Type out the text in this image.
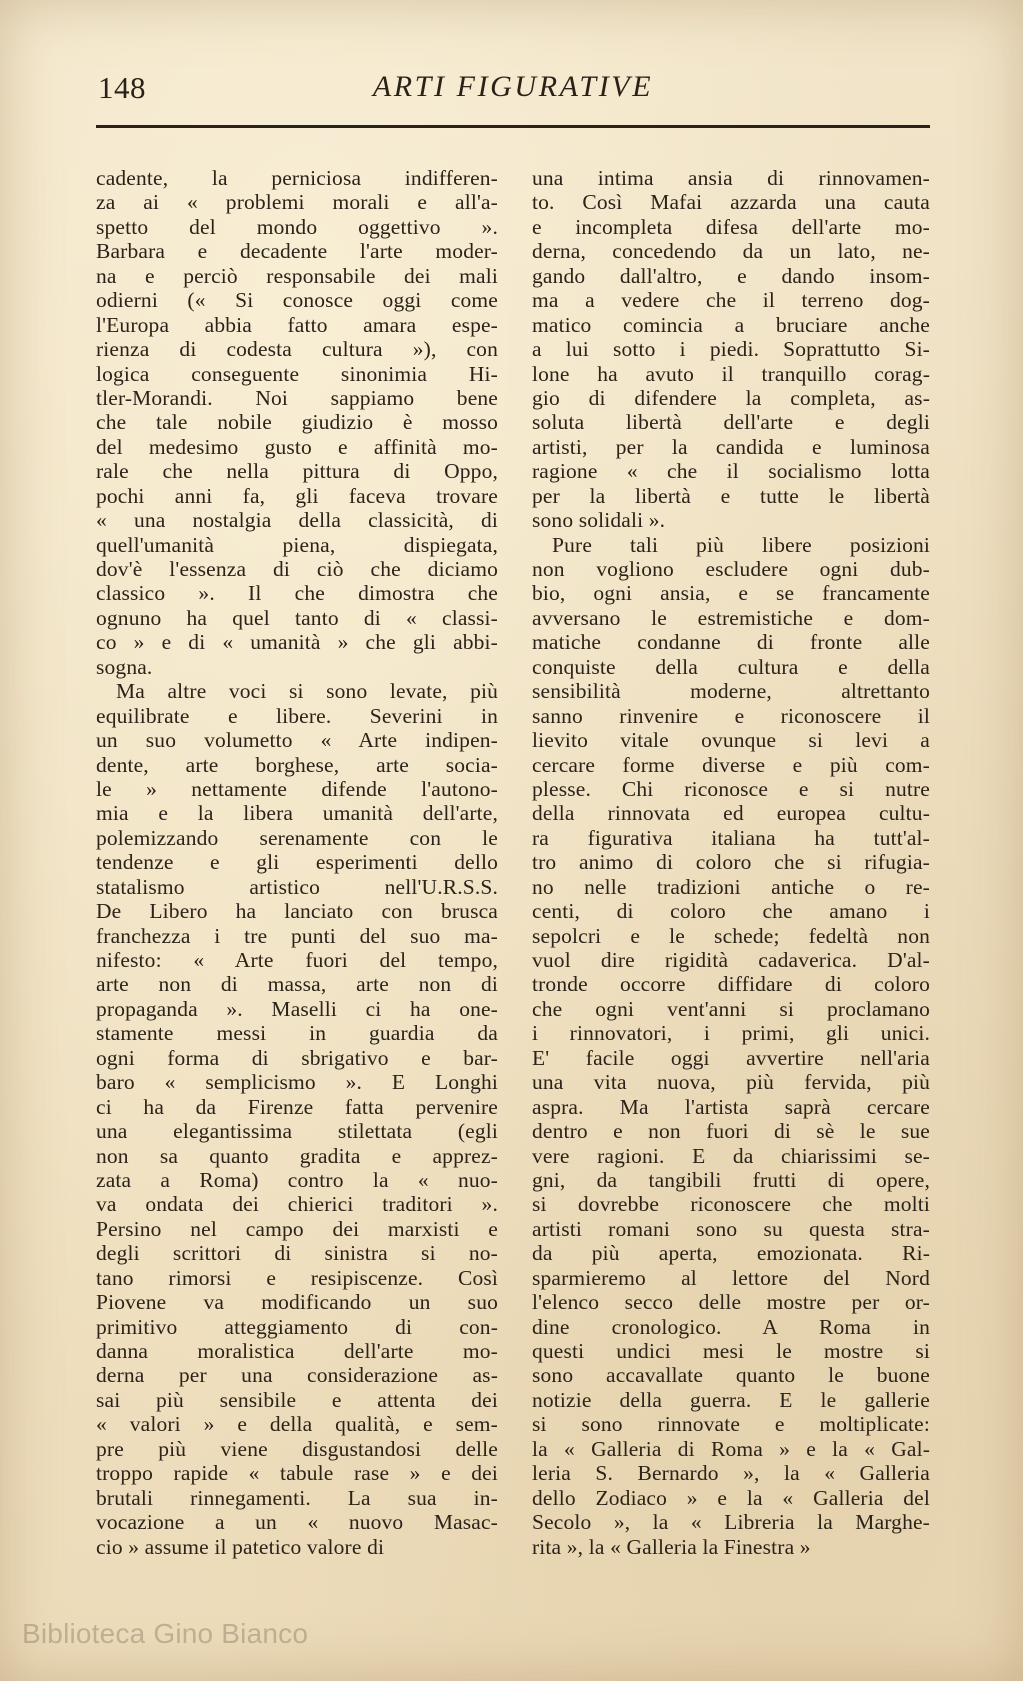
148	ARTI FIGURATIVE
cadente, la perniciosa indifferen-
za ai « problemi morali e all'a-
spetto del mondo oggettivo ».
Barbara e decadente l'arte moder-
na e perciò responsabile dei mali
odierni (« Si conosce oggi come
l'Europa abbia fatto amara espe-
rienza di codesta cultura »), con
logica conseguente sinonimia Hi-
tler-Morandi. Noi sappiamo bene
che tale nobile giudizio è mosso
del medesimo gusto e affinità mo-
rale che nella pittura di Oppo,
pochi anni fa, gli faceva trovare
« una nostalgia della classicità, di
quell'umanità piena, dispiegata,
dov'è l'essenza di ciò che diciamo
classico ». Il che dimostra che
ognuno ha quel tanto di « classi-
co » e di « umanità » che gli abbi-
sogna.
Ma altre voci si sono levate, più
equilibrate e libere. Severini in
un suo volumetto « Arte indipen-
dente, arte borghese, arte socia-
le » nettamente difende l'autono-
mia e la libera umanità dell'arte,
polemizzando serenamente con le
tendenze e gli esperimenti dello
statalismo artistico nell'U.R.S.S.
De Libero ha lanciato con brusca
franchezza i tre punti del suo ma-
nifesto: « Arte fuori del tempo,
arte non di massa, arte non di
propaganda ». Maselli ci ha one-
stamente messi in guardia da
ogni forma di sbrigativo e bar-
baro « semplicismo ». E Longhi
ci ha da Firenze fatta pervenire
una elegantissima stilettata (egli
non sa quanto gradita e apprez-
zata a Roma) contro la « nuo-
va ondata dei chierici traditori ».
Persino nel campo dei marxisti e
degli scrittori di sinistra si no-
tano rimorsi e resipiscenze. Così
Piovene va modificando un suo
primitivo atteggiamento di con-
danna moralistica dell'arte mo-
derna per una considerazione as-
sai più sensibile e attenta dei
« valori » e della qualità, e sem-
pre più viene disgustandosi delle
troppo rapide « tabule rase » e dei
brutali rinnegamenti. La sua in-
vocazione a un « nuovo Masac-
cio » assume il patetico valore di
una intima ansia di rinnovamen-
to. Così Mafai azzarda una cauta
e incompleta difesa dell'arte mo-
derna, concedendo da un lato, ne-
gando dall'altro, e dando insom-
ma a vedere che il terreno dog-
matico comincia a bruciare anche
a lui sotto i piedi. Soprattutto Si-
lone ha avuto il tranquillo corag-
gio di difendere la completa, as-
soluta libertà dell'arte e degli
artisti, per la candida e luminosa
ragione « che il socialismo lotta
per la libertà e tutte le libertà
sono solidali ».
Pure tali più libere posizioni
non vogliono escludere ogni dub-
bio, ogni ansia, e se francamente
avversano le estremistiche e dom-
matiche condanne di fronte alle
conquiste della cultura e della
sensibilità moderne, altrettanto
sanno rinvenire e riconoscere il
lievito vitale ovunque si levi a
cercare forme diverse e più com-
plesse. Chi riconosce e si nutre
della rinnovata ed europea cultu-
ra figurativa italiana ha tutt'al-
tro animo di coloro che si rifugia-
no nelle tradizioni antiche o re-
centi, di coloro che amano i
sepolcri e le schede; fedeltà non
vuol dire rigidità cadaverica. D'al-
tronde occorre diffidare di coloro
che ogni vent'anni si proclamano
i rinnovatori, i primi, gli unici.
E' facile oggi avvertire nell'aria
una vita nuova, più fervida, più
aspra. Ma l'artista saprà cercare
dentro e non fuori di sè le sue
vere ragioni. E da chiarissimi se-
gni, da tangibili frutti di opere,
si dovrebbe riconoscere che molti
artisti romani sono su questa stra-
da più aperta, emozionata. Ri-
sparmieremo al lettore del Nord
l'elenco secco delle mostre per or-
dine cronologico. A Roma in
questi undici mesi le mostre si
sono accavallate quanto le buone
notizie della guerra. E le gallerie
si sono rinnovate e moltiplicate:
la « Galleria di Roma » e la « Gal-
leria S. Bernardo », la « Galleria
dello Zodiaco » e la « Galleria del
Secolo », la « Libreria la Marghe-
rita », la « Galleria la Finestra »
Biblioteca Gino Bianco
